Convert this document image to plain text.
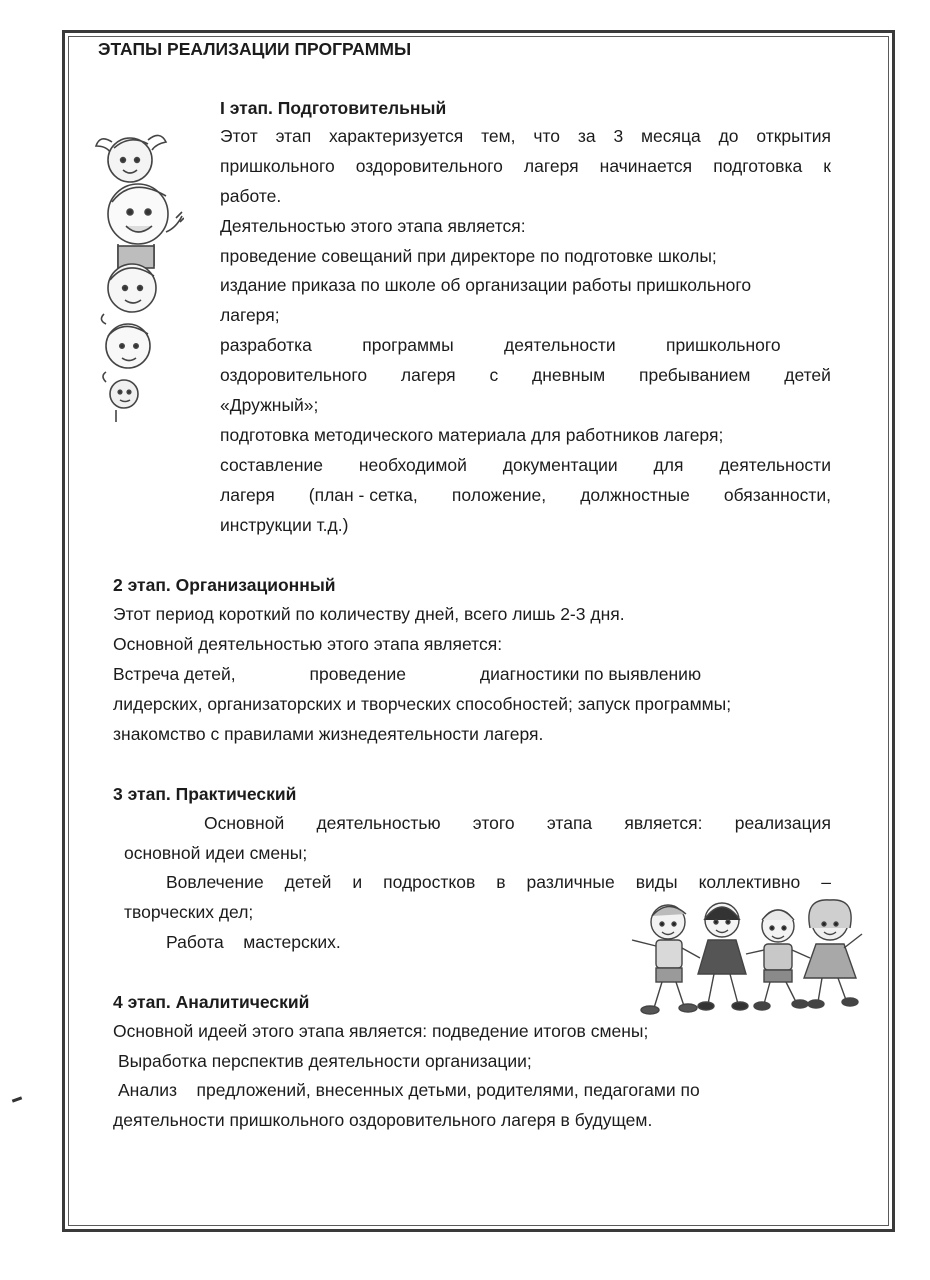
ЭТАПЫ РЕАЛИЗАЦИИ ПРОГРАММЫ
I этап. Подготовительный
Этот этап характеризуется тем, что за 3 месяца до открытия
пришкольного оздоровительного лагеря начинается подготовка к
работе.
Деятельностью этого этапа является:
проведение совещаний при директоре по подготовке школы;
издание приказа по школе об организации работы пришкольного
лагеря;
разработка	программы	деятельности	пришкольного
оздоровительного лагеря с дневным пребыванием детей
«Дружный»;
подготовка методического материала для работников лагеря;
составление необходимой документации для деятельности
лагеря (план - сетка, положение, должностные обязанности,
инструкции т.д.)
2 этап. Организационный
Этот период короткий по количеству дней, всего лишь 2-3 дня.
Основной деятельностью этого этапа является:
Встреча детей,	проведение	диагностики по выявлению
лидерских, организаторских и творческих способностей; запуск программы;
знакомство с правилами жизнедеятельности лагеря.
3 этап. Практический
Основной деятельностью этого этапа является: реализация
основной идеи смены;
Вовлечение детей и подростков в различные виды коллективно –
творческих дел;
Работа    мастерских.
4 этап. Аналитический
Основной идеей этого этапа является: подведение итогов смены;
Выработка перспектив деятельности организации;
Анализ    предложений, внесенных детьми, родителями, педагогами по
деятельности пришкольного оздоровительного лагеря в будущем.
